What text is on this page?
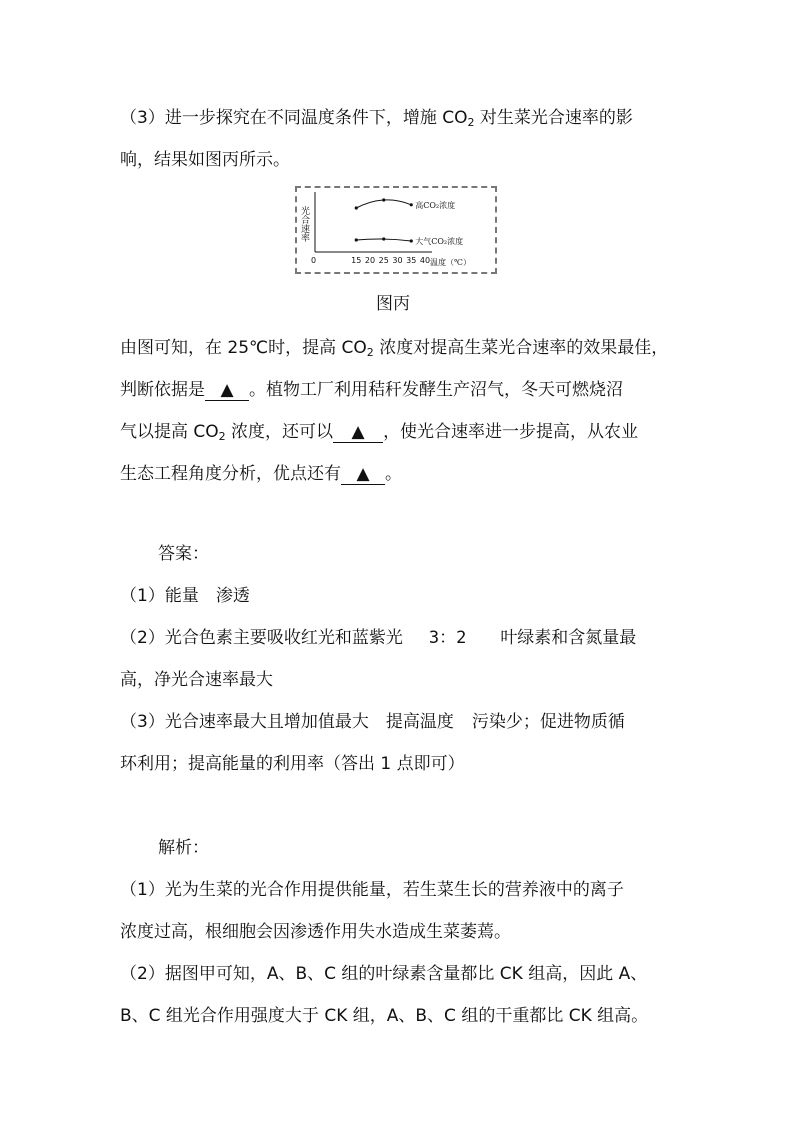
（3）进一步探究在不同温度条件下，增施 $CO_2$ 对生菜光合速率的影
响，结果如图丙所示。
光合速率
0	15 20 25 30 35 40
高CO₂浓度
大气CO₂浓度
温度（℃）
图丙
由图可知，在 25℃时，提高 $CO_2$ 浓度对提高生菜光合速率的效果最佳，
判断依据是 ▲ 。植物工厂利用秸秆发酵生产沼气，冬天可燃烧沼
气以提高 $CO_2$ 浓度，还可以 ▲ ，使光合速率进一步提高，从农业
生态工程角度分析，优点还有 ▲ 。
答案：
（1）能量　渗透
（2）光合色素主要吸收红光和蓝紫光 3：2 叶绿素和含氮量最
高，净光合速率最大
（3）光合速率最大且增加值最大　提高温度 污染少；促进物质循
环利用；提高能量的利用率（答出 1 点即可）
解析：
（1）光为生菜的光合作用提供能量，若生菜生长的营养液中的离子
浓度过高，根细胞会因渗透作用失水造成生菜萎蔫。
（2）据图甲可知，A、B、C 组的叶绿素含量都比 CK 组高，因此 A、
B、C 组光合作用强度大于 CK 组，A、B、C 组的干重都比 CK 组高。
